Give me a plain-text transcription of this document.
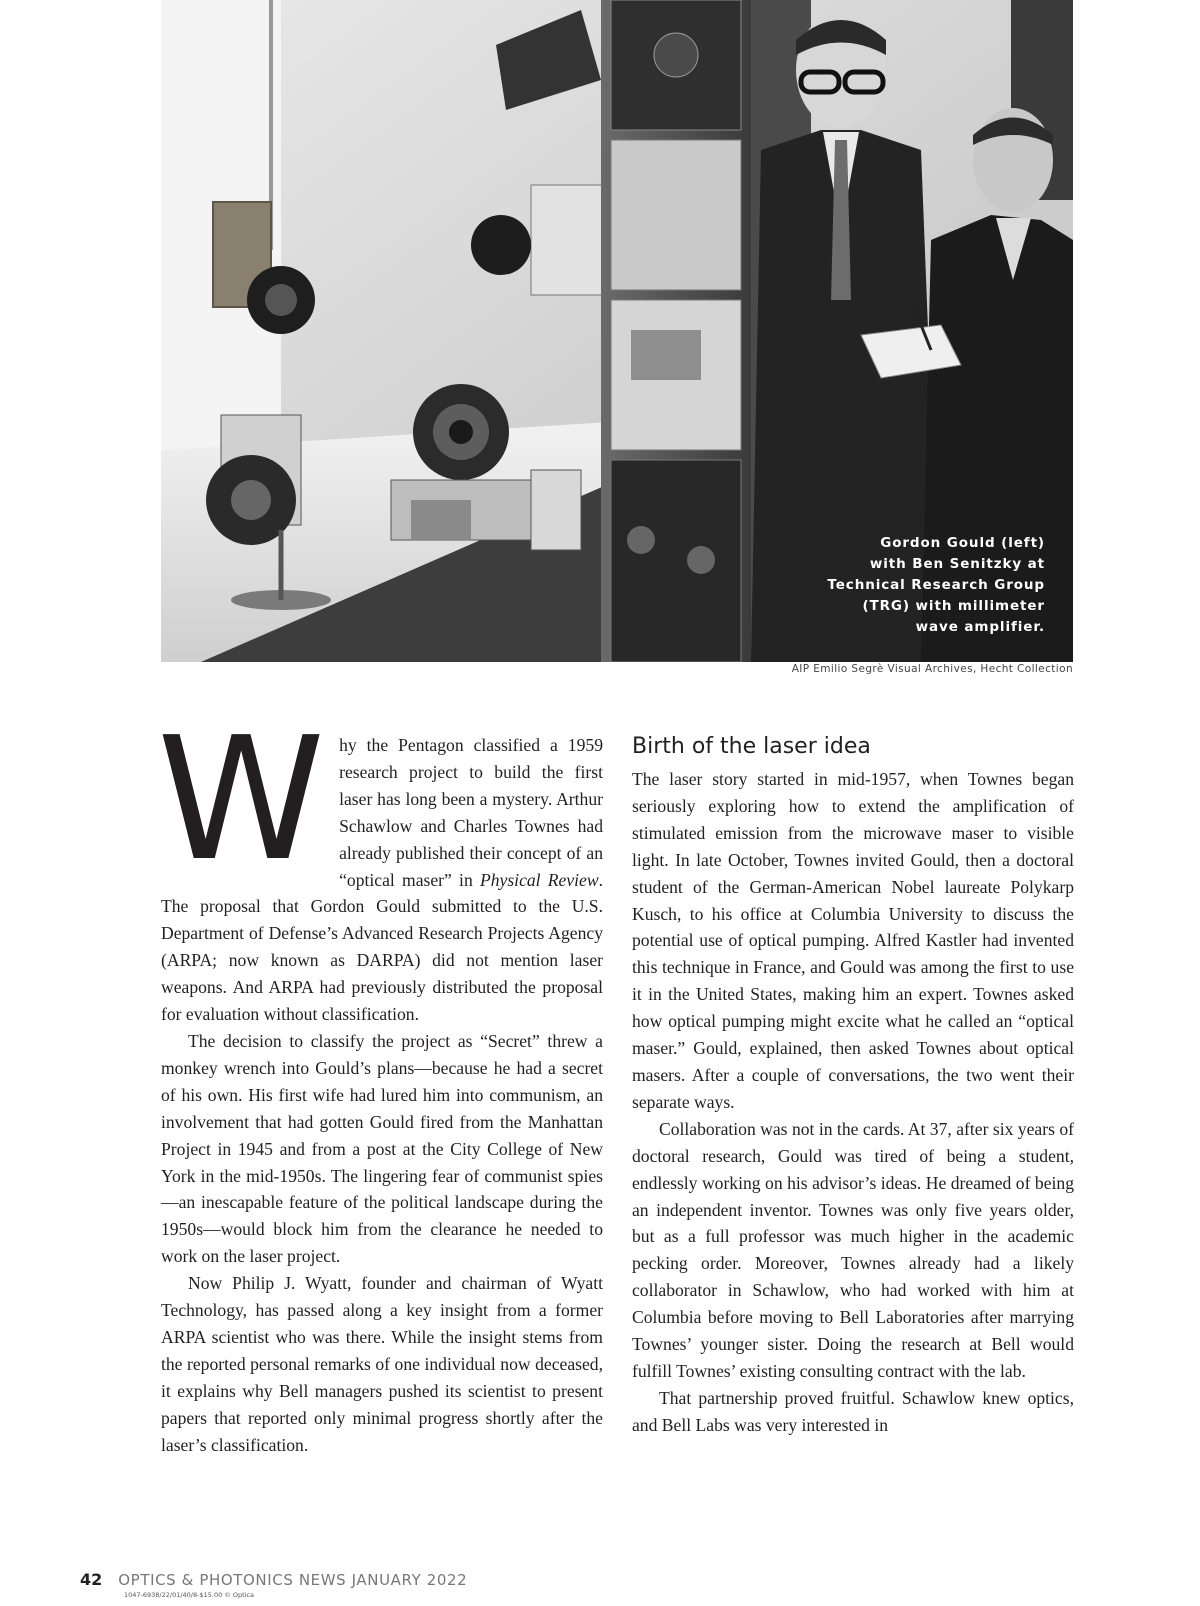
Gordon Gould (left)
with Ben Senitzky at
Technical Research Group
(TRG) with millimeter
wave amplifier.
AIP Emilio Segrè Visual Archives, Hecht Collection

Why the Pentagon classified a 1959 research project to build the first laser has long been a mystery. Arthur Schawlow and Charles Townes had already published their concept of an “optical maser” in Physical Review. The proposal that Gordon Gould submitted to the U.S. Department of Defense’s Advanced Research Projects Agency (ARPA; now known as DARPA) did not mention laser weapons. And ARPA had previously distributed the proposal for evaluation without classification.

The decision to classify the project as “Secret” threw a monkey wrench into Gould’s plans—because he had a secret of his own. His first wife had lured him into communism, an involvement that had gotten Gould fired from the Manhattan Project in 1945 and from a post at the City College of New York in the mid-1950s. The lingering fear of communist spies—an inescapable feature of the political landscape during the 1950s—would block him from the clearance he needed to work on the laser project.

Now Philip J. Wyatt, founder and chairman of Wyatt Technology, has passed along a key insight from a former ARPA scientist who was there. While the insight stems from the reported personal remarks of one individual now deceased, it explains why Bell managers pushed its scientist to present papers that reported only minimal progress shortly after the laser’s classification.

Birth of the laser idea

The laser story started in mid-1957, when Townes began seriously exploring how to extend the amplification of stimulated emission from the microwave maser to visible light. In late October, Townes invited Gould, then a doctoral student of the German-American Nobel laureate Polykarp Kusch, to his office at Columbia University to discuss the potential use of optical pumping. Alfred Kastler had invented this technique in France, and Gould was among the first to use it in the United States, making him an expert. Townes asked how optical pumping might excite what he called an “optical maser.” Gould, explained, then asked Townes about optical masers. After a couple of conversations, the two went their separate ways.

Collaboration was not in the cards. At 37, after six years of doctoral research, Gould was tired of being a student, endlessly working on his advisor’s ideas. He dreamed of being an independent inventor. Townes was only five years older, but as a full professor was much higher in the academic pecking order. Moreover, Townes already had a likely collaborator in Schawlow, who had worked with him at Columbia before moving to Bell Laboratories after marrying Townes’ younger sister. Doing the research at Bell would fulfill Townes’ existing consulting contract with the lab.

That partnership proved fruitful. Schawlow knew optics, and Bell Labs was very interested in

42 OPTICS & PHOTONICS NEWS JANUARY 2022
1047-6938/22/01/40/8-$15.00 © Optica
